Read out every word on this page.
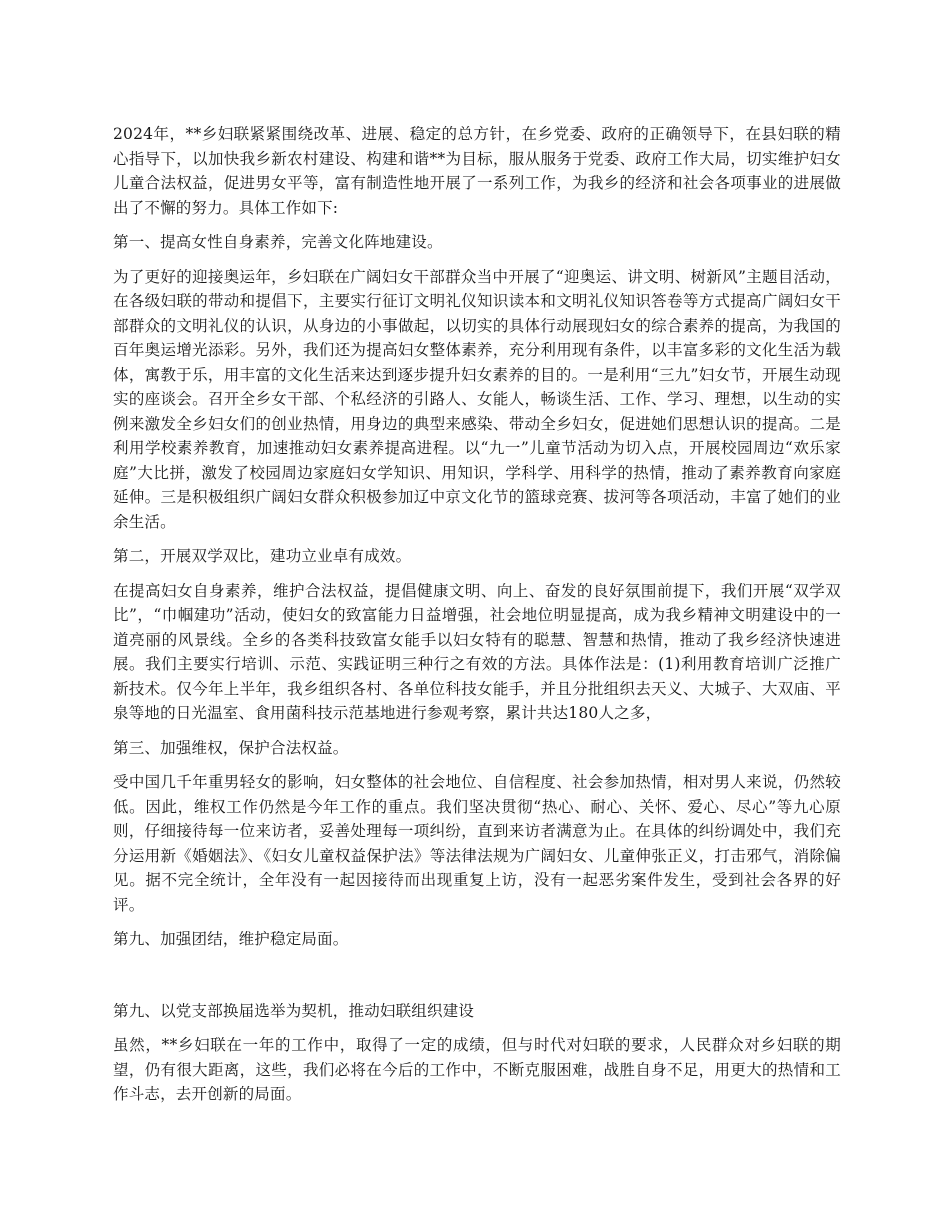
2024年，**乡妇联紧紧围绕改革、进展、稳定的总方针，在乡党委、政府的正确领导下，在县妇联的精心指导下，以加快我乡新农村建设、构建和谐**为目标，服从服务于党委、政府工作大局，切实维护妇女儿童合法权益，促进男女平等，富有制造性地开展了一系列工作，为我乡的经济和社会各项事业的进展做出了不懈的努力。具体工作如下:

第一、提高女性自身素养，完善文化阵地建设。

为了更好的迎接奥运年，乡妇联在广阔妇女干部群众当中开展了“迎奥运、讲文明、树新风”主题目活动，在各级妇联的带动和提倡下，主要实行征订文明礼仪知识读本和文明礼仪知识答卷等方式提高广阔妇女干部群众的文明礼仪的认识，从身边的小事做起，以切实的具体行动展现妇女的综合素养的提高，为我国的百年奥运增光添彩。另外，我们还为提高妇女整体素养，充分利用现有条件，以丰富多彩的文化生活为载体，寓教于乐，用丰富的文化生活来达到逐步提升妇女素养的目的。一是利用“三九”妇女节，开展生动现实的座谈会。召开全乡女干部、个私经济的引路人、女能人，畅谈生活、工作、学习、理想，以生动的实例来激发全乡妇女们的创业热情，用身边的典型来感染、带动全乡妇女，促进她们思想认识的提高。二是利用学校素养教育，加速推动妇女素养提高进程。以“九一”儿童节活动为切入点，开展校园周边“欢乐家庭”大比拼，激发了校园周边家庭妇女学知识、用知识，学科学、用科学的热情，推动了素养教育向家庭延伸。三是积极组织广阔妇女群众积极参加辽中京文化节的篮球竞赛、拔河等各项活动，丰富了她们的业余生活。

第二，开展双学双比，建功立业卓有成效。

在提高妇女自身素养，维护合法权益，提倡健康文明、向上、奋发的良好氛围前提下，我们开展“双学双比”，“巾帼建功”活动，使妇女的致富能力日益增强，社会地位明显提高，成为我乡精神文明建设中的一道亮丽的风景线。全乡的各类科技致富女能手以妇女特有的聪慧、智慧和热情，推动了我乡经济快速进展。我们主要实行培训、示范、实践证明三种行之有效的方法。具体作法是：(1)利用教育培训广泛推广新技术。仅今年上半年，我乡组织各村、各单位科技女能手，并且分批组织去天义、大城子、大双庙、平泉等地的日光温室、食用菌科技示范基地进行参观考察，累计共达180人之多，

第三、加强维权，保护合法权益。

受中国几千年重男轻女的影响，妇女整体的社会地位、自信程度、社会参加热情，相对男人来说，仍然较低。因此，维权工作仍然是今年工作的重点。我们坚决贯彻“热心、耐心、关怀、爱心、尽心”等九心原则，仔细接待每一位来访者，妥善处理每一项纠纷，直到来访者满意为止。在具体的纠纷调处中，我们充分运用新《婚姻法》、《妇女儿童权益保护法》等法律法规为广阔妇女、儿童伸张正义，打击邪气，消除偏见。据不完全统计，全年没有一起因接待而出现重复上访，没有一起恶劣案件发生，受到社会各界的好评。

第九、加强团结，维护稳定局面。

第九、以党支部换届选举为契机，推动妇联组织建设

虽然，**乡妇联在一年的工作中，取得了一定的成绩，但与时代对妇联的要求，人民群众对乡妇联的期望，仍有很大距离，这些，我们必将在今后的工作中，不断克服困难，战胜自身不足，用更大的热情和工作斗志，去开创新的局面。
